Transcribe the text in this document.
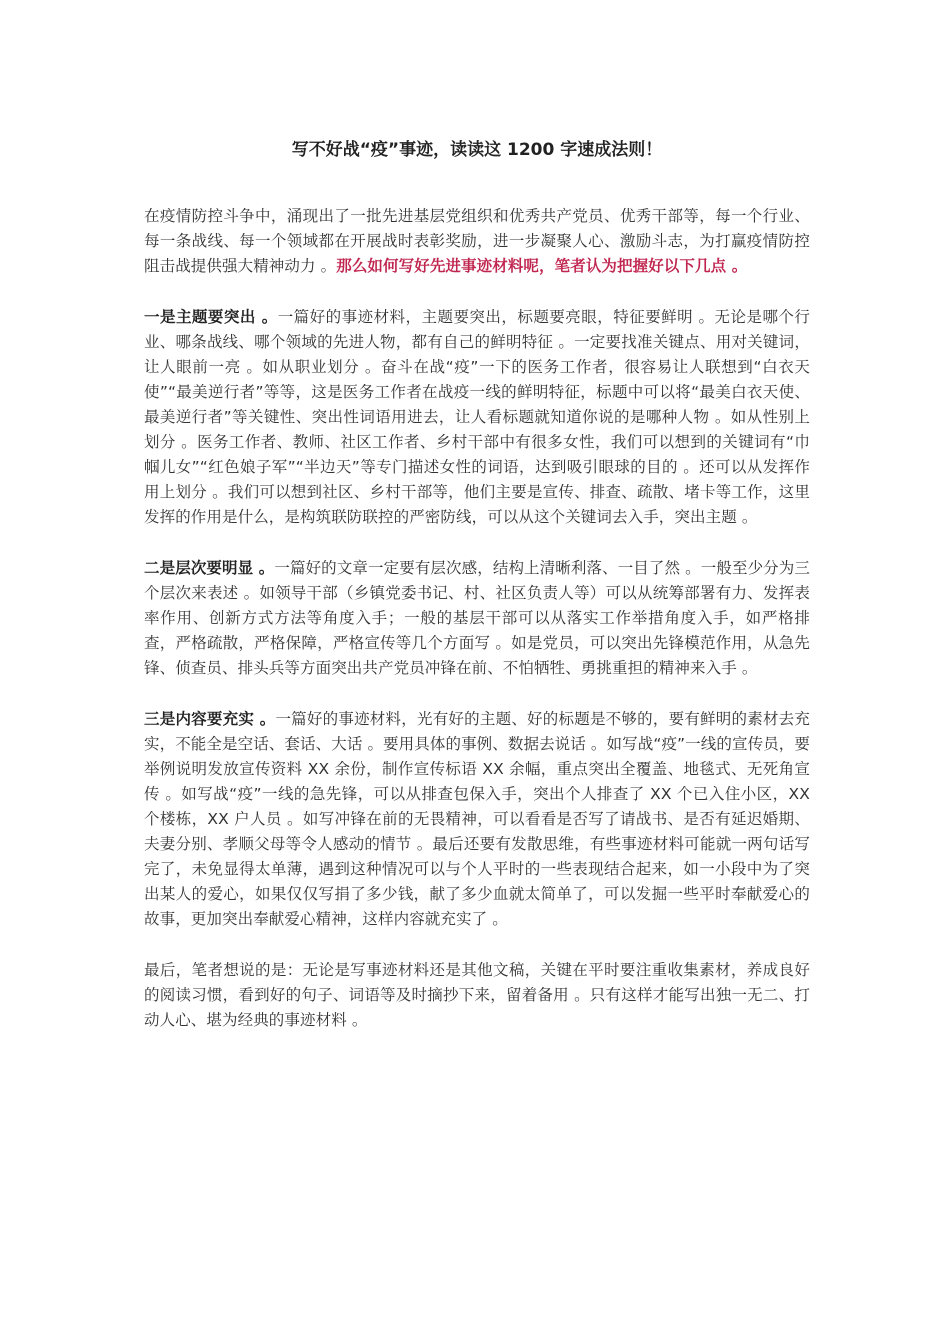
写不好战“疫”事迹，读读这 1200 字速成法则！

在疫情防控斗争中，涌现出了一批先进基层党组织和优秀共产党员、优秀干部等，每一个行业、每一条战线、每一个领域都在开展战时表彰奖励，进一步凝聚人心、激励斗志，为打赢疫情防控阻击战提供强大精神动力 。那么如何写好先进事迹材料呢，笔者认为把握好以下几点 。

一是主题要突出 。一篇好的事迹材料，主题要突出，标题要亮眼，特征要鲜明 。无论是哪个行业、哪条战线、哪个领域的先进人物，都有自己的鲜明特征 。一定要找准关键点、用对关键词，让人眼前一亮 。如从职业划分 。奋斗在战“疫”一下的医务工作者，很容易让人联想到“白衣天使”“最美逆行者”等等，这是医务工作者在战疫一线的鲜明特征，标题中可以将“最美白衣天使、最美逆行者”等关键性、突出性词语用进去，让人看标题就知道你说的是哪种人物 。如从性别上划分 。医务工作者、教师、社区工作者、乡村干部中有很多女性，我们可以想到的关键词有“巾帼儿女”“红色娘子军”“半边天”等专门描述女性的词语，达到吸引眼球的目的 。还可以从发挥作用上划分 。我们可以想到社区、乡村干部等，他们主要是宣传、排查、疏散、堵卡等工作，这里发挥的作用是什么，是构筑联防联控的严密防线，可以从这个关键词去入手，突出主题 。

二是层次要明显 。一篇好的文章一定要有层次感，结构上清晰利落、一目了然 。一般至少分为三个层次来表述 。如领导干部（乡镇党委书记、村、社区负责人等）可以从统筹部署有力、发挥表率作用、创新方式方法等角度入手；一般的基层干部可以从落实工作举措角度入手，如严格排查，严格疏散，严格保障，严格宣传等几个方面写 。如是党员，可以突出先锋模范作用，从急先锋、侦查员、排头兵等方面突出共产党员冲锋在前、不怕牺牲、勇挑重担的精神来入手 。

三是内容要充实 。一篇好的事迹材料，光有好的主题、好的标题是不够的，要有鲜明的素材去充实，不能全是空话、套话、大话 。要用具体的事例、数据去说话 。如写战“疫”一线的宣传员，要举例说明发放宣传资料 XX 余份，制作宣传标语 XX 余幅，重点突出全覆盖、地毯式、无死角宣传 。如写战“疫”一线的急先锋，可以从排查包保入手，突出个人排查了 XX 个已入住小区，XX 个楼栋，XX 户人员 。如写冲锋在前的无畏精神，可以看看是否写了请战书、是否有延迟婚期、夫妻分别、孝顺父母等令人感动的情节 。最后还要有发散思维，有些事迹材料可能就一两句话写完了，未免显得太单薄，遇到这种情况可以与个人平时的一些表现结合起来，如一小段中为了突出某人的爱心，如果仅仅写捐了多少钱，献了多少血就太简单了，可以发掘一些平时奉献爱心的故事，更加突出奉献爱心精神，这样内容就充实了 。

最后，笔者想说的是：无论是写事迹材料还是其他文稿，关键在平时要注重收集素材，养成良好的阅读习惯，看到好的句子、词语等及时摘抄下来，留着备用 。只有这样才能写出独一无二、打动人心、堪为经典的事迹材料 。
